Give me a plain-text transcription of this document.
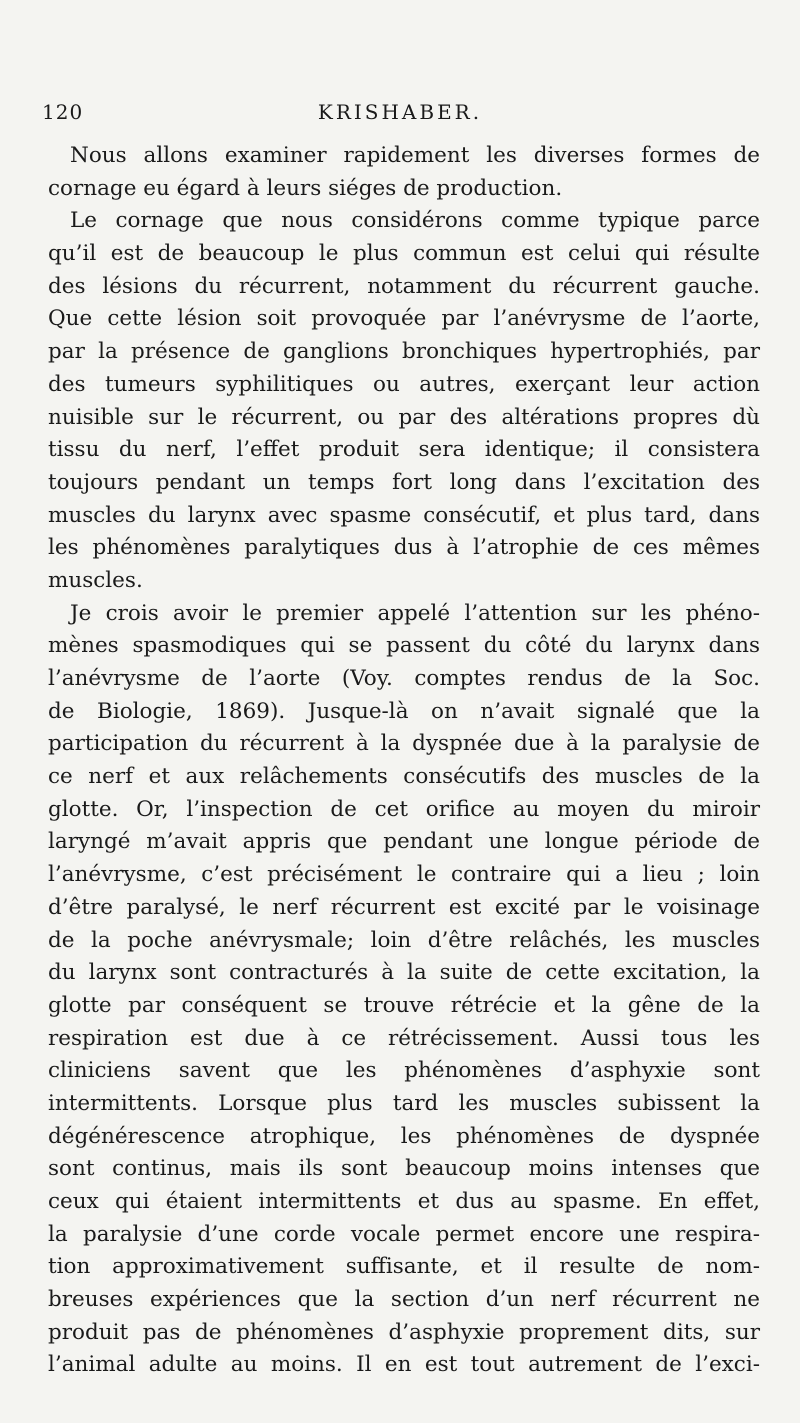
120	KRISHABER.
Nous allons examiner rapidement les diverses formes de
cornage eu égard à leurs siéges de production.
Le cornage que nous considérons comme typique parce
qu’il est de beaucoup le plus commun est celui qui résulte
des lésions du récurrent, notamment du récurrent gauche.
Que cette lésion soit provoquée par l’anévrysme de l’aorte,
par la présence de ganglions bronchiques hypertrophiés, par
des tumeurs syphilitiques ou autres, exerçant leur action
nuisible sur le récurrent, ou par des altérations propres dù
tissu du nerf, l’effet produit sera identique; il consistera
toujours pendant un temps fort long dans l’excitation des
muscles du larynx avec spasme consécutif, et plus tard, dans
les phénomènes paralytiques dus à l’atrophie de ces mêmes
muscles.
Je crois avoir le premier appelé l’attention sur les phéno-
mènes spasmodiques qui se passent du côté du larynx dans
l’anévrysme de l’aorte (Voy. comptes rendus de la Soc.
de Biologie, 1869). Jusque-là on n’avait signalé que la
participation du récurrent à la dyspnée due à la paralysie de
ce nerf et aux relâchements consécutifs des muscles de la
glotte. Or, l’inspection de cet orifice au moyen du miroir
laryngé m’avait appris que pendant une longue période de
l’anévrysme, c’est précisément le contraire qui a lieu ; loin
d’être paralysé, le nerf récurrent est excité par le voisinage
de la poche anévrysmale; loin d’être relâchés, les muscles
du larynx sont contracturés à la suite de cette excitation, la
glotte par conséquent se trouve rétrécie et la gêne de la
respiration est due à ce rétrécissement. Aussi tous les
cliniciens savent que les phénomènes d’asphyxie sont
intermittents. Lorsque plus tard les muscles subissent la
dégénérescence atrophique, les phénomènes de dyspnée
sont continus, mais ils sont beaucoup moins intenses que
ceux qui étaient intermittents et dus au spasme. En effet,
la paralysie d’une corde vocale permet encore une respira-
tion approximativement suffisante, et il resulte de nom-
breuses expériences que la section d’un nerf récurrent ne
produit pas de phénomènes d’asphyxie proprement dits, sur
l’animal adulte au moins. Il en est tout autrement de l’exci-
